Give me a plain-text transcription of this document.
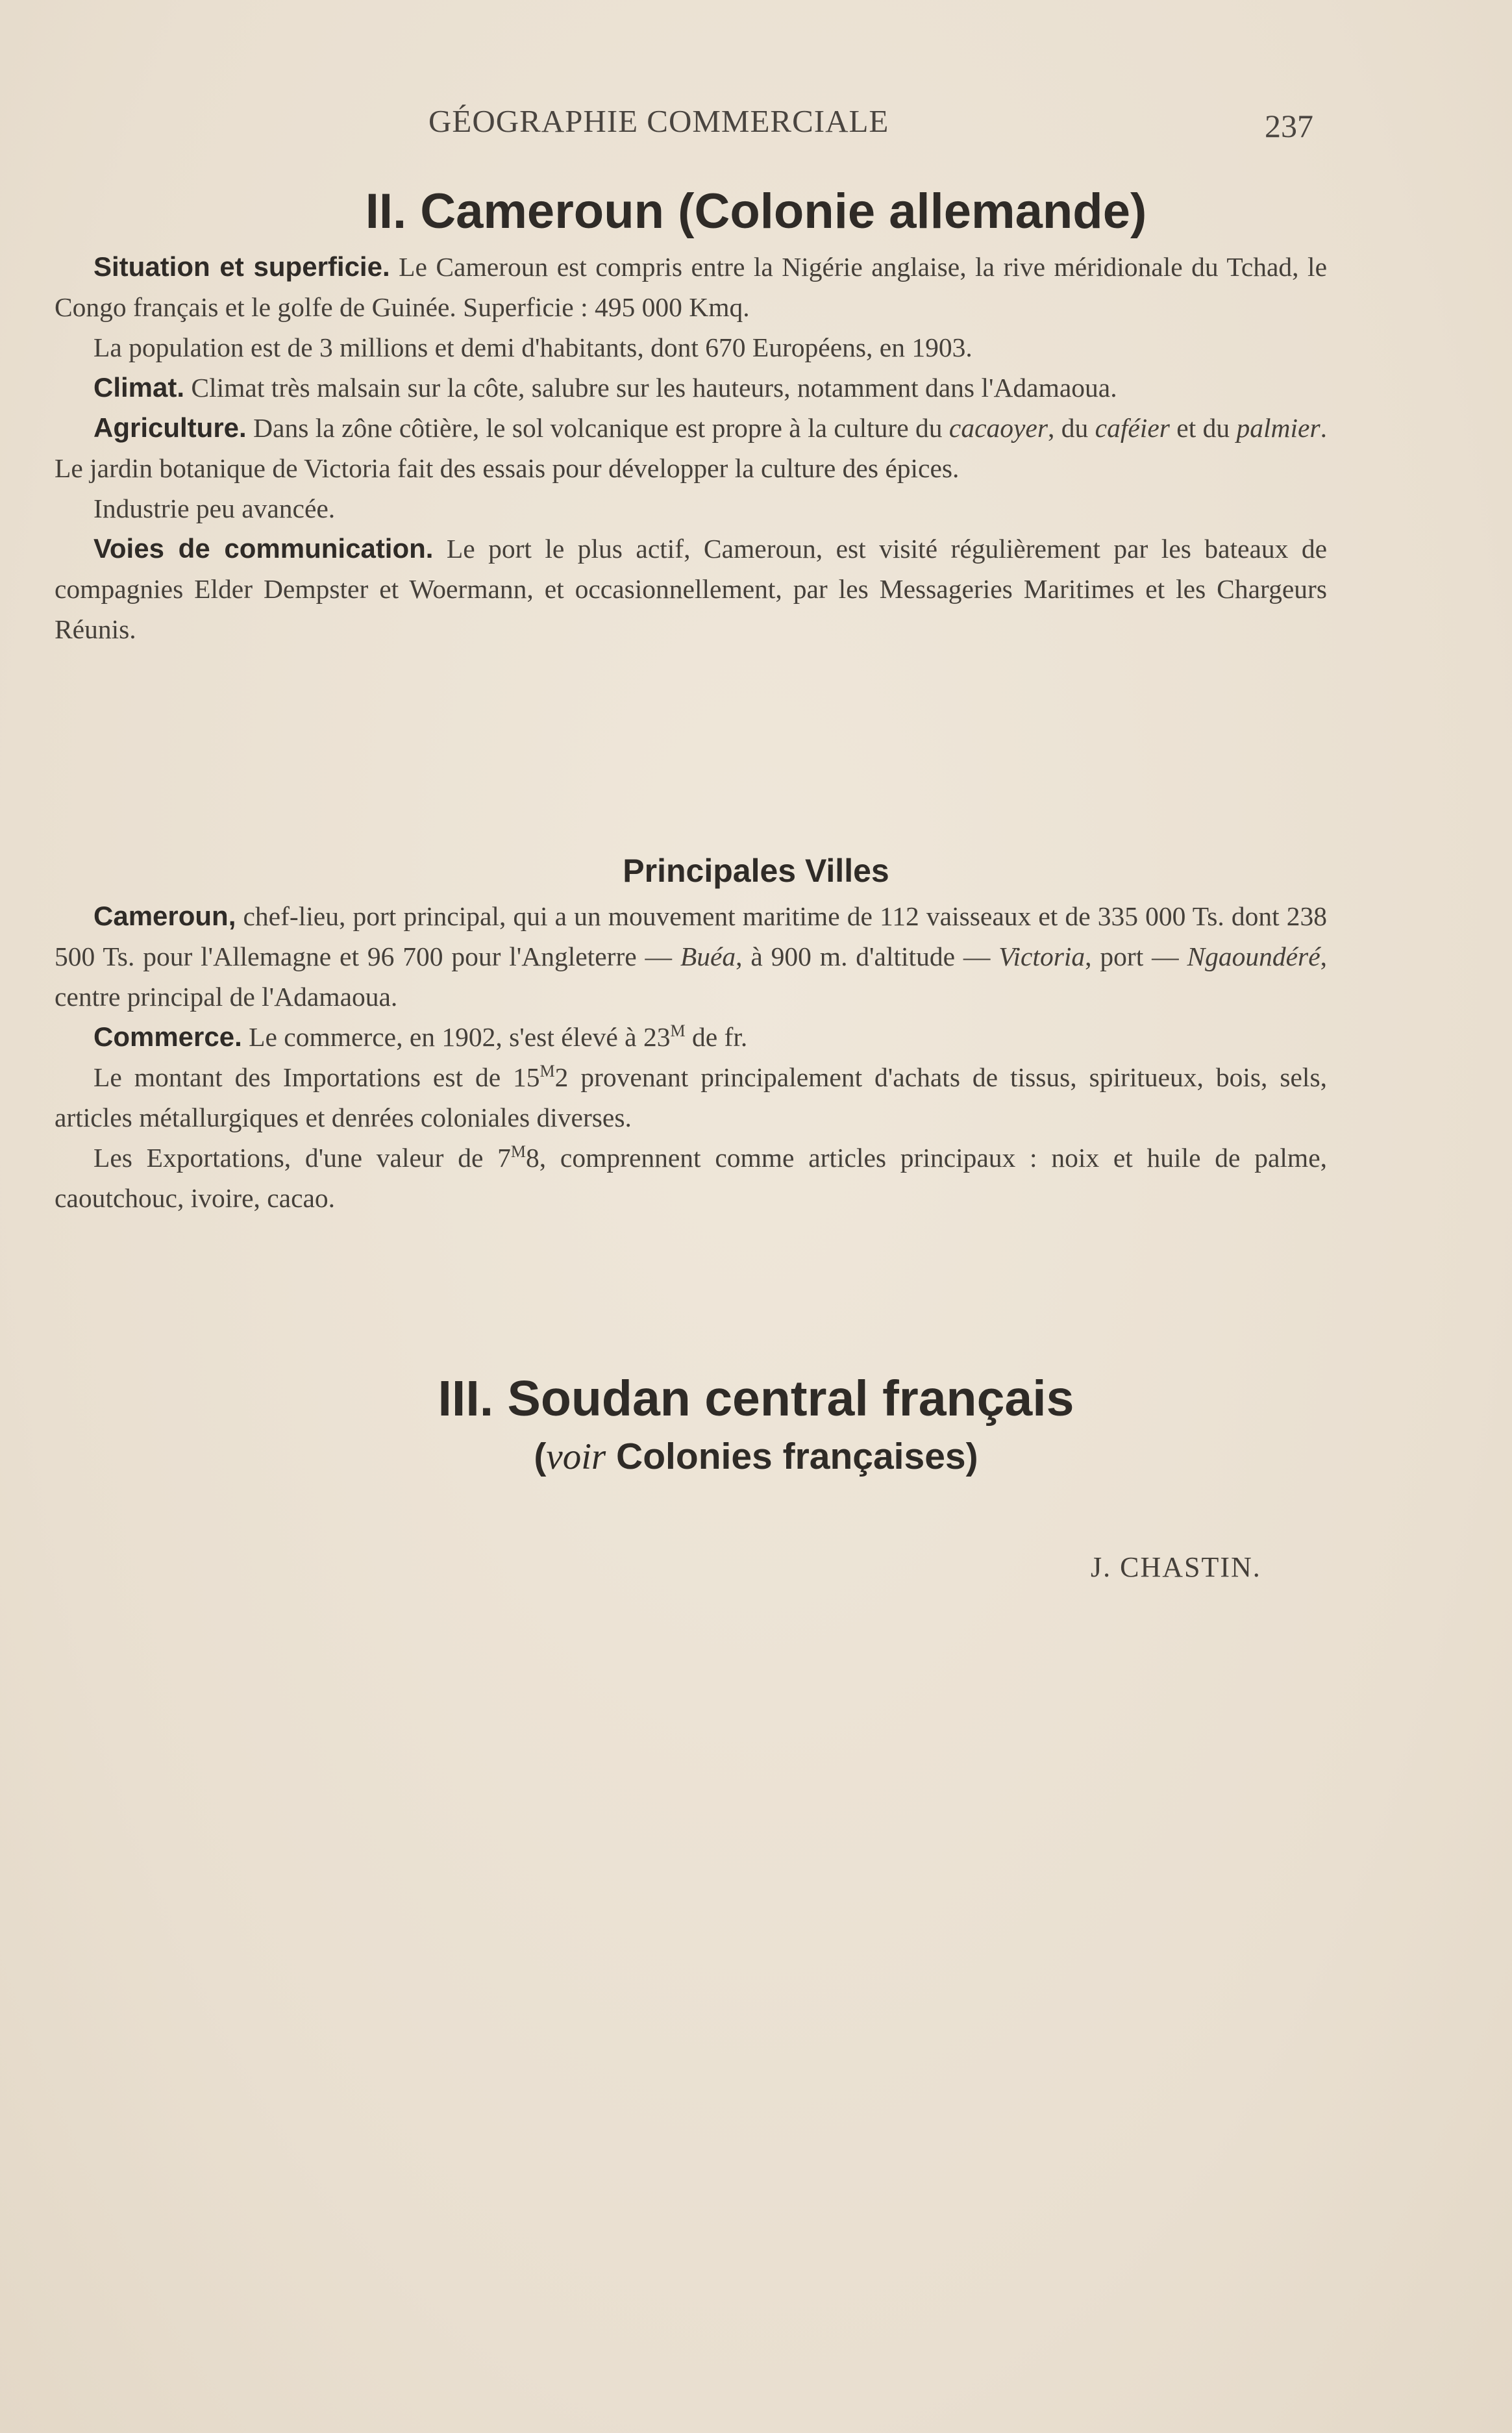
GÉOGRAPHIE COMMERCIALE	237
II. Cameroun (Colonie allemande)

Situation et superficie. Le Cameroun est compris entre la Nigérie anglaise, la rive méridionale du Tchad, le Congo français et le golfe de Guinée. Superficie : 495 000 Kmq.

La population est de 3 millions et demi d'habitants, dont 670 Européens, en 1903.

Climat. Climat très malsain sur la côte, salubre sur les hauteurs, notamment dans l'Adamaoua.

Agriculture. Dans la zône côtière, le sol volcanique est propre à la culture du cacaoyer, du caféier et du palmier. Le jardin botanique de Victoria fait des essais pour développer la culture des épices.

Industrie peu avancée.

Voies de communication. Le port le plus actif, Cameroun, est visité régulièrement par les bateaux de compagnies Elder Dempster et Woermann, et occasionnellement, par les Messageries Maritimes et les Chargeurs Réunis.

Principales Villes

Cameroun, chef-lieu, port principal, qui a un mouvement maritime de 112 vaisseaux et de 335 000 Ts. dont 238 500 Ts. pour l'Allemagne et 96 700 pour l'Angleterre — Buéa, à 900 m. d'altitude — Victoria, port — Ngaoundéré, centre principal de l'Adamaoua.

Commerce. Le commerce, en 1902, s'est élevé à $23^M$ de fr.

Le montant des Importations est de $15^M2$ provenant principalement d'achats de tissus, spiritueux, bois, sels, articles métallurgiques et denrées coloniales diverses.

Les Exportations, d'une valeur de $7^M8$, comprennent comme articles principaux : noix et huile de palme, caoutchouc, ivoire, cacao.

III. Soudan central français
(voir Colonies françaises)
J. CHASTIN.
